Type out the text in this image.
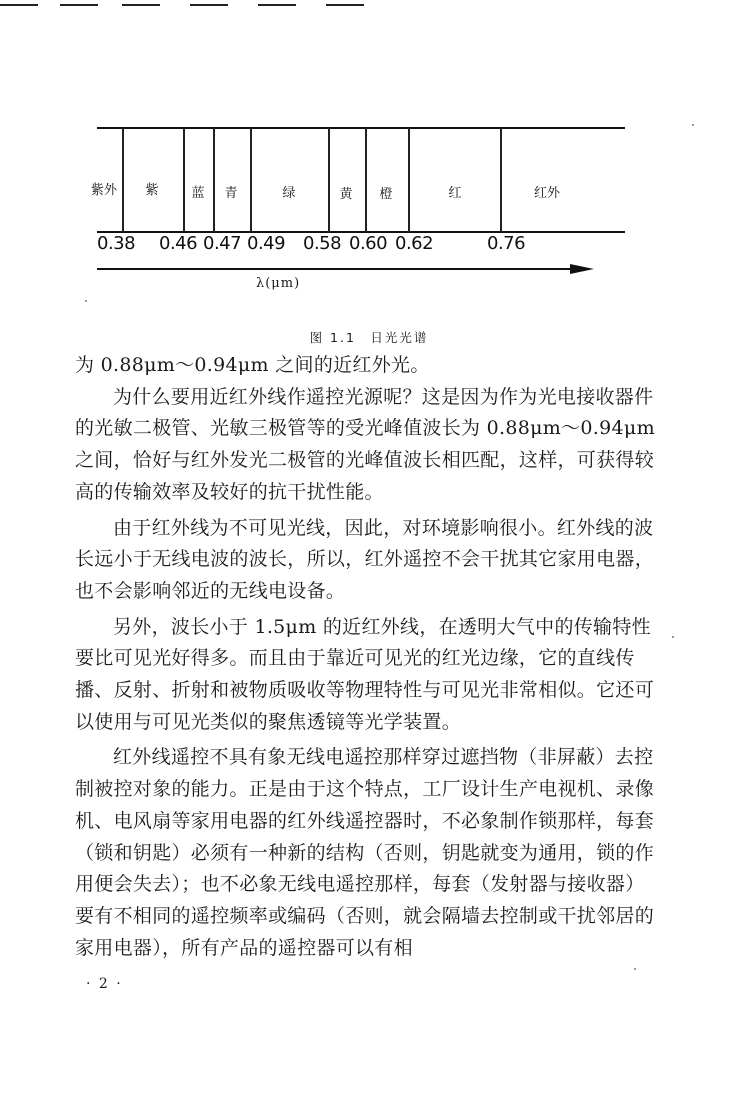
紫外 紫	蓝 青	绿	黄 橙	红	红外
0.38 0.46 0.47 0.49 0.58 0.60 0.62	0.76
λ(μm)
图 1.1　日光光谱

为 0.88μm～0.94μm 之间的近红外光。

为什么要用近红外线作遥控光源呢？这是因为作为光电接收器件的光敏二极管、光敏三极管等的受光峰值波长为 0.88μm～0.94μm 之间，恰好与红外发光二极管的光峰值波长相匹配，这样，可获得较高的传输效率及较好的抗干扰性能。

由于红外线为不可见光线，因此，对环境影响很小。红外线的波长远小于无线电波的波长，所以，红外遥控不会干扰其它家用电器，也不会影响邻近的无线电设备。

另外，波长小于 1.5μm 的近红外线，在透明大气中的传输特性要比可见光好得多。而且由于靠近可见光的红光边缘，它的直线传播、反射、折射和被物质吸收等物理特性与可见光非常相似。它还可以使用与可见光类似的聚焦透镜等光学装置。

红外线遥控不具有象无线电遥控那样穿过遮挡物（非屏蔽）去控制被控对象的能力。正是由于这个特点，工厂设计生产电视机、录像机、电风扇等家用电器的红外线遥控器时，不必象制作锁那样，每套（锁和钥匙）必须有一种新的结构（否则，钥匙就变为通用，锁的作用便会失去）；也不必象无线电遥控那样，每套（发射器与接收器）要有不相同的遥控频率或编码（否则，就会隔墙去控制或干扰邻居的家用电器），所有产品的遥控器可以有相

· 2 ·
